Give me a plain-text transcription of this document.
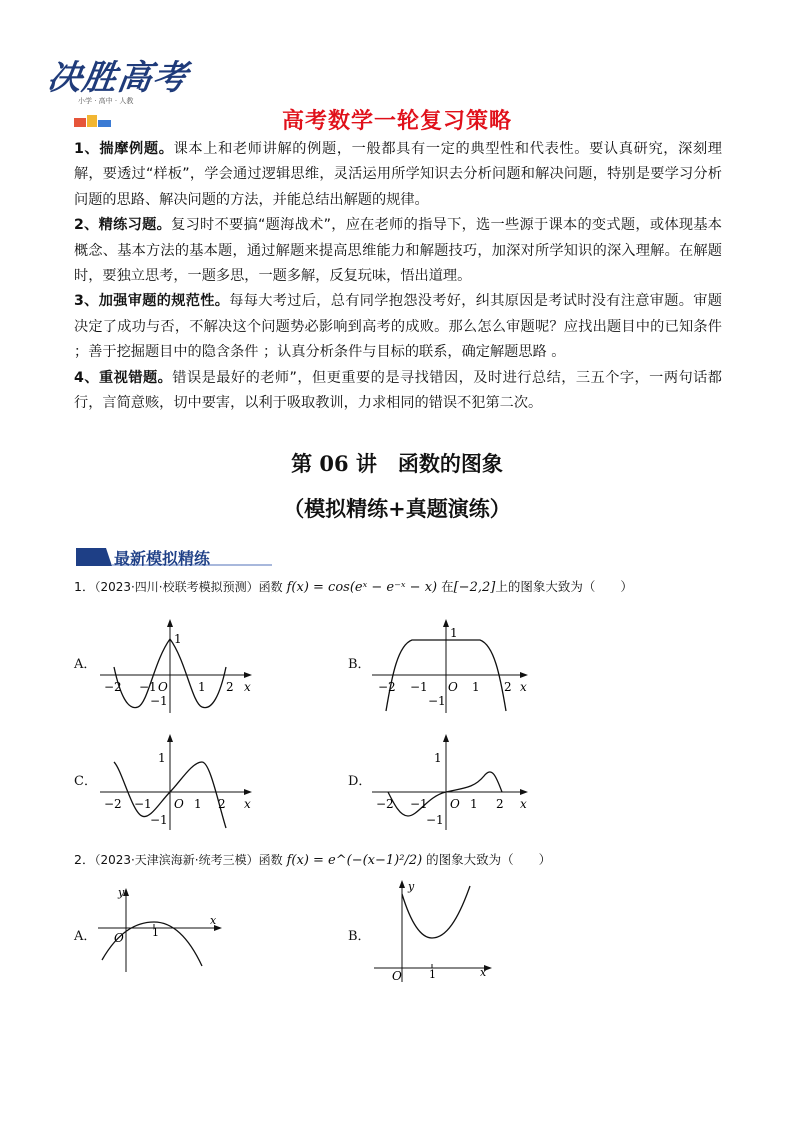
决胜高考
小学 · 高中 · 人教
高考数学一轮复习策略

1、揣摩例题。课本上和老师讲解的例题，一般都具有一定的典型性和代表性。要认真研究，深刻理解，要透过“样板”，学会通过逻辑思维，灵活运用所学知识去分析问题和解决问题，特别是要学习分析问题的思路、解决问题的方法，并能总结出解题的规律。

2、精练习题。复习时不要搞“题海战术”，应在老师的指导下，选一些源于课本的变式题，或体现基本概念、基本方法的基本题，通过解题来提高思维能力和解题技巧，加深对所学知识的深入理解。在解题时，要独立思考，一题多思，一题多解，反复玩味，悟出道理。

3、加强审题的规范性。每每大考过后，总有同学抱怨没考好，纠其原因是考试时没有注意审题。审题决定了成功与否，不解决这个问题势必影响到高考的成败。那么怎么审题呢？应找出题目中的已知条件 ；善于挖掘题目中的隐含条件 ；认真分析条件与目标的联系，确定解题思路 。

4、重视错题。错误是最好的老师”，但更重要的是寻找错因，及时进行总结，三五个字，一两句话都行，言简意赅，切中要害，以利于吸取教训，力求相同的错误不犯第二次。

第 06 讲　函数的图象
（模拟精练+真题演练）
最新模拟精练
1．（2023·四川·校联考模拟预测）函数 f(x) = cos(eˣ − e⁻ˣ − x) 在[−2,2]上的图象大致为（　　）
A．	B．
C．	D．
−2 −1 O	1 2 x
1
−1
−2 −1 O 1 2 x
1
−1
−2 −1 O 1 2 x
1
−1
−2 −1 O 1 2 x
1
−1
2．（2023·天津滨海新·统考三模）函数 f(x) = e^(−(x−1)²/2) 的图象大致为（　　）
A．	B．
y
O	1
x
y
O 1	x
